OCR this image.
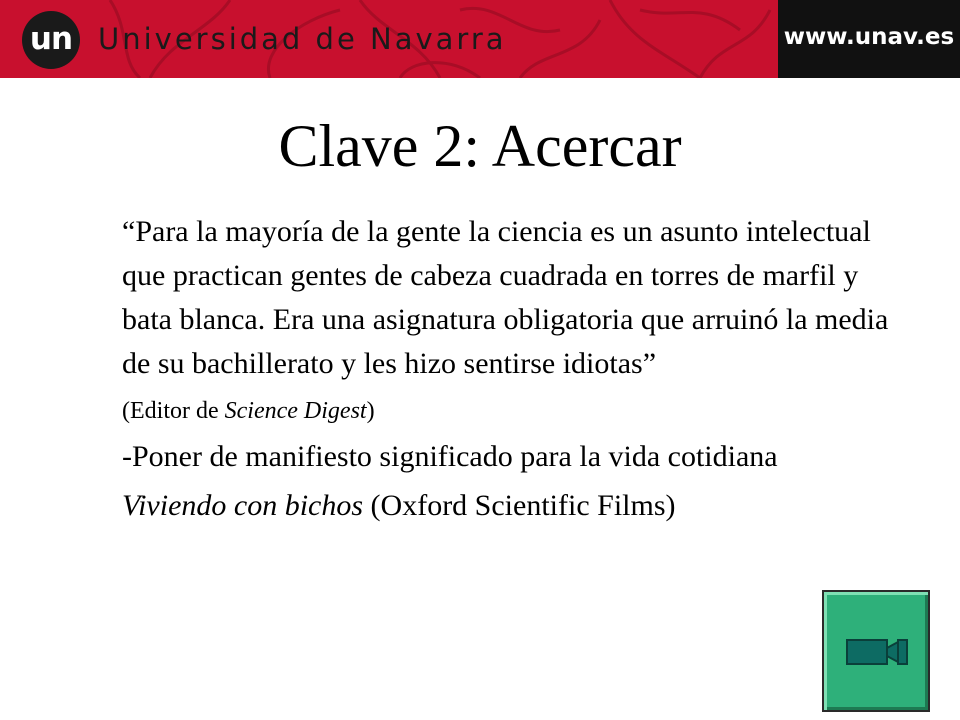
un Universidad de Navarra	www.unav.es
Clave 2: Acercar

“Para la mayoría de la gente la ciencia es un asunto intelectual que practican gentes de cabeza cuadrada en torres de marfil y bata blanca. Era una asignatura obligatoria que arruinó la media de su bachillerato y les hizo sentirse idiotas”

(Editor de Science Digest)

-Poner de manifiesto significado para la vida cotidiana

Viviendo con bichos (Oxford Scientific Films)
